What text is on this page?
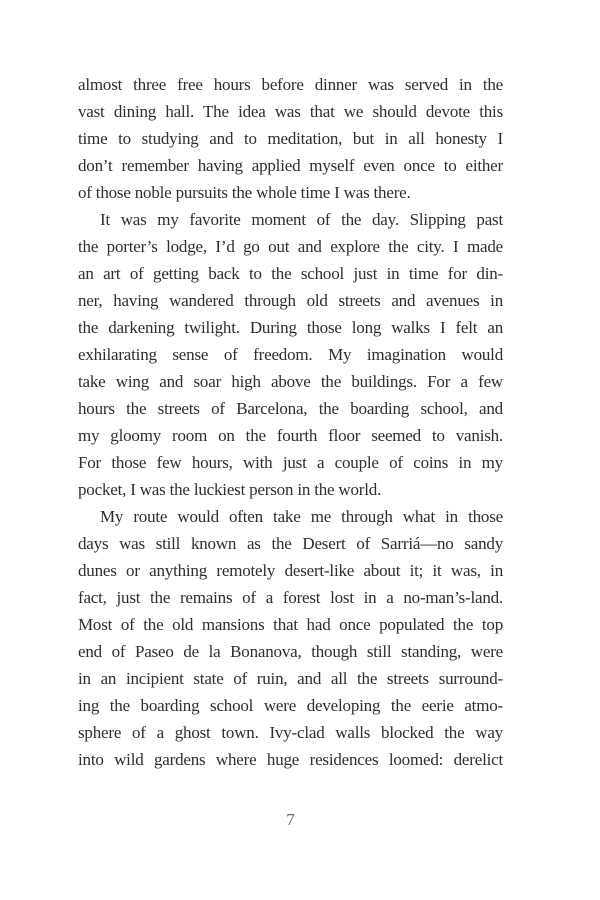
almost three free hours before dinner was served in the
vast dining hall. The idea was that we should devote this
time to studying and to meditation, but in all honesty I
don’t remember having applied myself even once to either
of those noble pursuits the whole time I was there.
It was my favorite moment of the day. Slipping past
the porter’s lodge, I’d go out and explore the city. I made
an art of getting back to the school just in time for din-
ner, having wandered through old streets and avenues in
the darkening twilight. During those long walks I felt an
exhilarating sense of freedom. My imagination would
take wing and soar high above the buildings. For a few
hours the streets of Barcelona, the boarding school, and
my gloomy room on the fourth floor seemed to vanish.
For those few hours, with just a couple of coins in my
pocket, I was the luckiest person in the world.
My route would often take me through what in those
days was still known as the Desert of Sarriá—no sandy
dunes or anything remotely desert-like about it; it was, in
fact, just the remains of a forest lost in a no-man’s-land.
Most of the old mansions that had once populated the top
end of Paseo de la Bonanova, though still standing, were
in an incipient state of ruin, and all the streets surround-
ing the boarding school were developing the eerie atmo-
sphere of a ghost town. Ivy-clad walls blocked the way
into wild gardens where huge residences loomed: derelict
7
